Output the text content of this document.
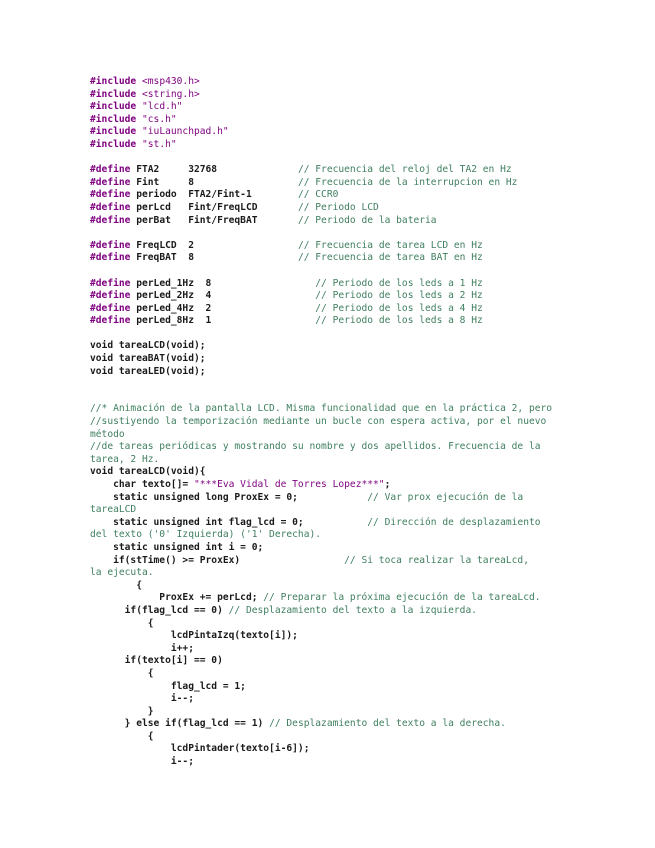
#include <msp430.h>
#include <string.h>
#include "lcd.h"
#include "cs.h"
#include "iuLaunchpad.h"
#include "st.h"
#define FTA2     32768              // Frecuencia del reloj del TA2 en Hz
#define Fint     8                  // Frecuencia de la interrupcion en Hz
#define periodo  FTA2/Fint-1        // CCR0
#define perLcd   Fint/FreqLCD       // Periodo LCD
#define perBat   Fint/FreqBAT       // Periodo de la bateria
#define FreqLCD  2                  // Frecuencia de tarea LCD en Hz
#define FreqBAT  8                  // Frecuencia de tarea BAT en Hz
#define perLed_1Hz  8                  // Periodo de los leds a 1 Hz
#define perLed_2Hz  4                  // Periodo de los leds a 2 Hz
#define perLed_4Hz  2                  // Periodo de los leds a 4 Hz
#define perLed_8Hz  1                  // Periodo de los leds a 8 Hz
void tareaLCD(void);
void tareaBAT(void);
void tareaLED(void);
//* Animación de la pantalla LCD. Misma funcionalidad que en la práctica 2, pero
//sustiyendo la temporización mediante un bucle con espera activa, por el nuevo
método
//de tareas periódicas y mostrando su nombre y dos apellidos. Frecuencia de la
tarea, 2 Hz.
void tareaLCD(void){
char texto[]= "***Eva Vidal de Torres Lopez***";
static unsigned long ProxEx = 0;            // Var prox ejecución de la
tareaLCD
static unsigned int flag_lcd = 0;           // Dirección de desplazamiento
del texto ('0' Izquierda) ('1' Derecha).
static unsigned int i = 0;
if(stTime() >= ProxEx)                  // Si toca realizar la tareaLcd,
la ejecuta.
{
ProxEx += perLcd; // Preparar la próxima ejecución de la tareaLcd.
if(flag_lcd == 0) // Desplazamiento del texto a la izquierda.
{
lcdPintaIzq(texto[i]);
i++;
if(texto[i] == 0)
{
flag_lcd = 1;
i--;
}
} else if(flag_lcd == 1) // Desplazamiento del texto a la derecha.
{
lcdPintader(texto[i-6]);
i--;
